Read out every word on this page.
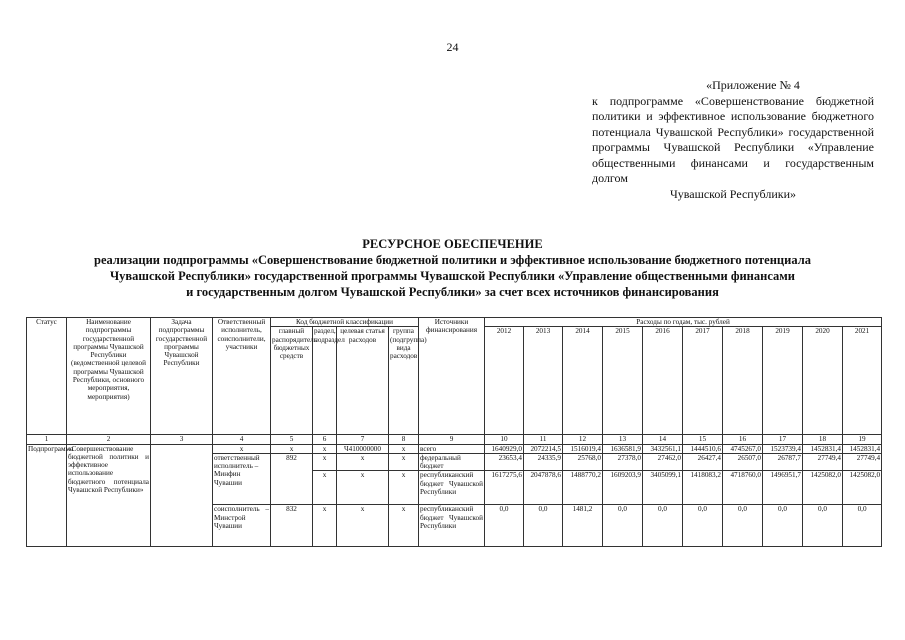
24
«Приложение № 4
к подпрограмме «Совершенствование бюджетной политики и эффективное использование бюджетного потенциала Чувашской Республики» государственной программы Чувашской Республики «Управление общественными финансами и государственным долгом
Чувашской Республики»
РЕСУРСНОЕ ОБЕСПЕЧЕНИЕ
реализации подпрограммы «Совершенствование бюджетной политики и эффективное использование бюджетного потенциала
Чувашской Республики» государственной программы Чувашской Республики «Управление общественными финансами
и государственным долгом Чувашской Республики» за счет всех источников финансирования
Статус	Наименование подпрограммы государственной программы Чувашской Республики (ведомственной целевой программы Чувашской Республики, основного мероприятия, мероприятия)	Задача подпрограммы государственной программы Чувашской Республики	Ответственный исполнитель, соисполнители, участники	Код бюджетной классификации				Источники финансирования	Расходы по годам, тыс. рублей									
				главный распорядитель бюджетных средств	раздел, подраздел	целевая статья расходов	группа (подгруппа) вида расходов		2012	2013	2014	2015	2016	2017	2018	2019	2020	2021
1	2	3	4	5	6	7	8	9	10	11	12	13	14	15	16	17	18	19
Подпрограмма	«Совершенствование бюджетной политики и эффективное использование бюджетного потенциала Чувашской Республики»		х	х	х	Ч410000000	х	всего	1640929,0	2072214,5	1516019,4	1636581,9	3432561,1	1444510,6	4745267,0	1523739,4	1452831,4	1452831,4
			ответственный исполнитель – Минфин Чувашии	892	х	х	х	федеральный бюджет	23653,4	24335,9	25768,0	27378,0	27462,0	26427,4	26507,0	26787,7	27749,4	27749,4
					х	х	х	республиканский бюджет Чувашской Республики	1617275,6	2047878,6	1488770,2	1609203,9	3405099,1	1418083,2	4718760,0	1496951,7	1425082,0	1425082,0
			соисполнитель – Минстрой Чувашии	832	х	х	х	республиканский бюджет Чувашской Республики	0,0	0,0	1481,2	0,0	0,0	0,0	0,0	0,0	0,0	0,0
